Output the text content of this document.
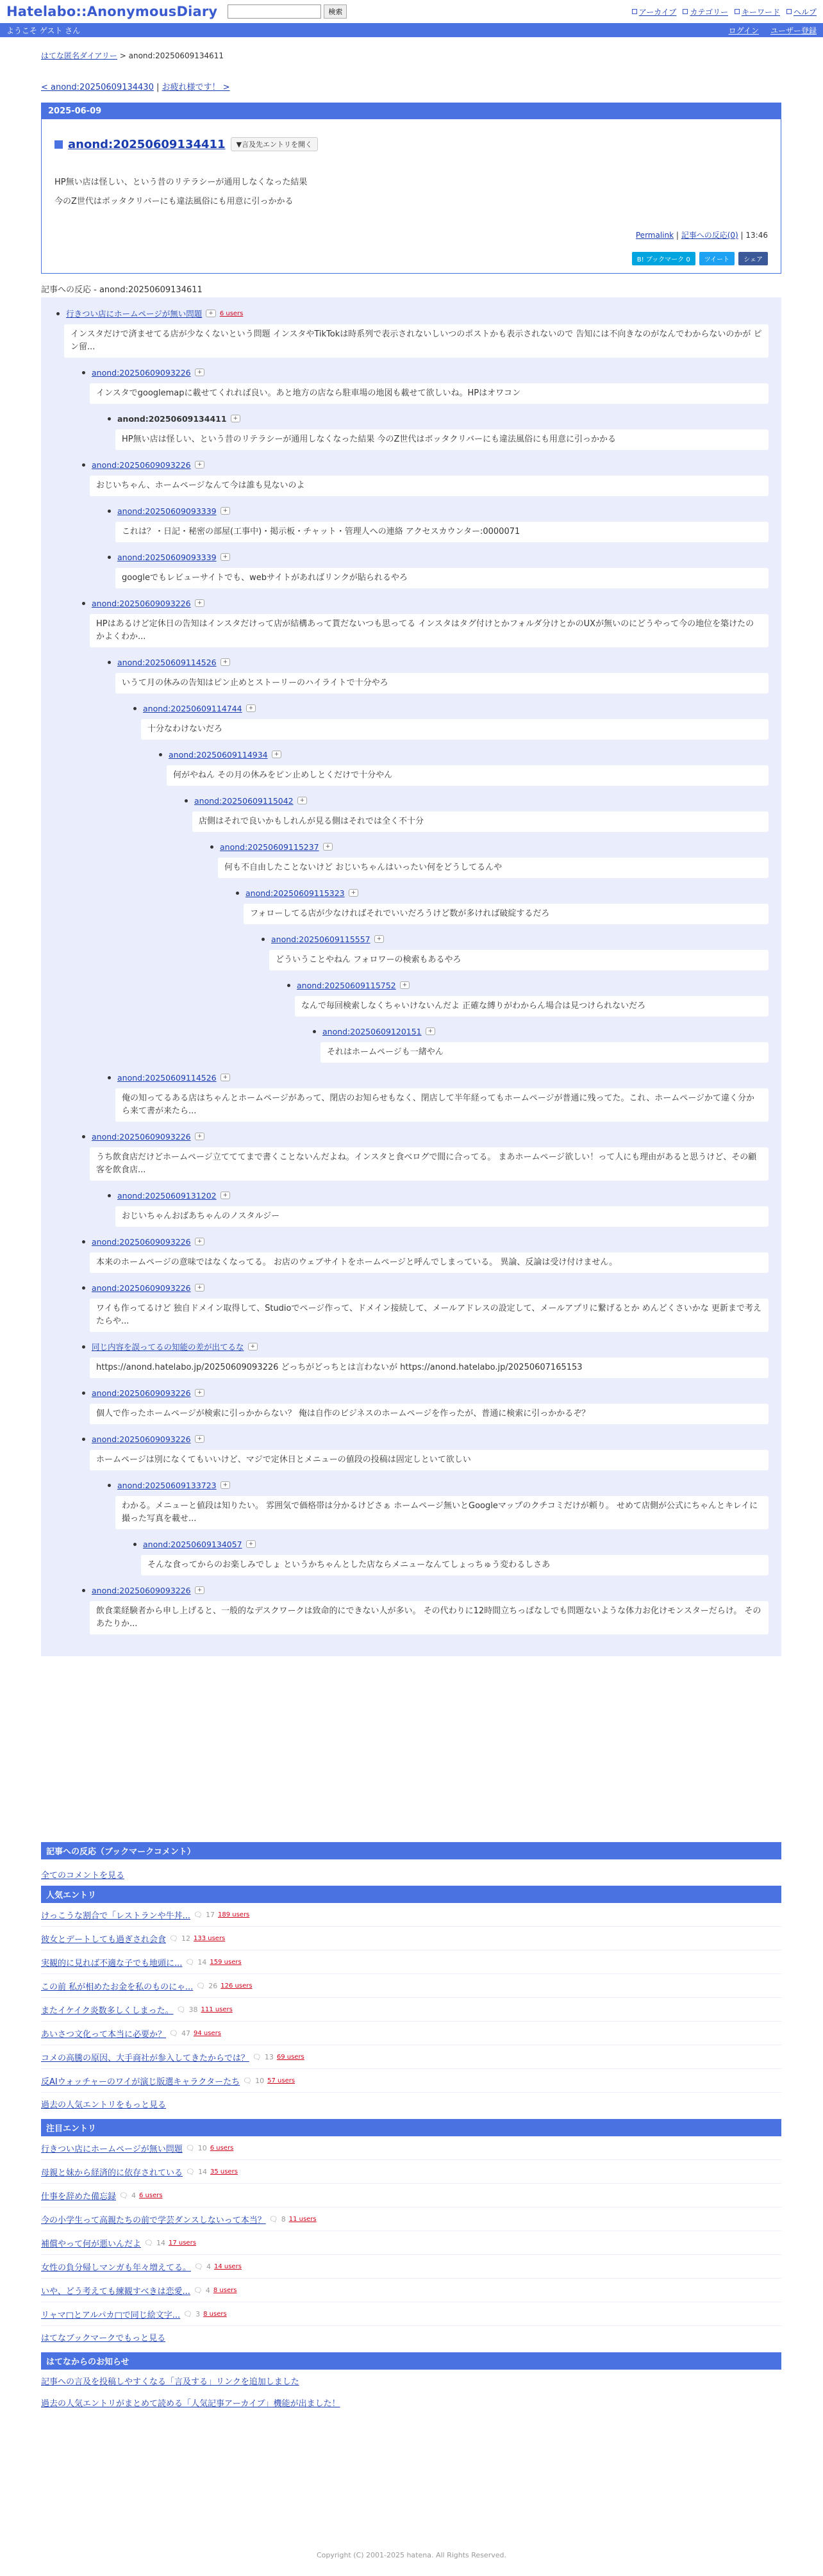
Hatelabo::AnonymousDiary	検索	アーカイブ カテゴリー キーワード ヘルプ
ようこそ ゲスト さん	ログイン ユーザー登録
はてな匿名ダイアリー > anond:20250609134611
< anond:20250609134430 | お疲れ様です！ >
2025-06-09
anond:20250609134411	▼言及先エントリを開く
HP無い店は怪しい、という昔のリテラシーが通用しなくなった結果
今のZ世代はポッタクリバーにも違法風俗にも用意に引っかかる
Permalink | 記事への反応(0) | 13:46
B! ブックマーク 0	ツイート	シェア
記事への反応 - anond:20250609134611
行きつい店にホームページが無い問題	+	6 users
インスタだけで済ませてる店が少なくないという問題 インスタやTikTokは時系列で表示されないしいつのポストかも表示されないので 告知には不向きなのがなんでわからないのかが ピン留...
anond:20250609093226	+
インスタでgooglemapに載せてくれれば良い。あと地方の店なら駐車場の地図も載せて欲しいね。HPはオワコン
anond:20250609134411	+
HP無い店は怪しい、という昔のリテラシーが通用しなくなった結果 今のZ世代はボッタクリバーにも違法風俗にも用意に引っかかる
anond:20250609093226	+
おじいちゃん、ホームページなんて今は誰も見ないのよ
anond:20250609093339	+
これは？・日記・秘密の部屋(工事中)・掲示板・チャット・管理人への連絡 アクセスカウンター:0000071
anond:20250609093339	+
googleでもレビューサイトでも、webサイトがあればリンクが貼られるやろ
anond:20250609093226	+
HPはあるけど定休日の告知はインスタだけって店が結構あって貰だないつも思ってる インスタはタグ付けとかフォルダ分けとかのUXが無いのにどうやって今の地位を築けたのかよくわか...
anond:20250609114526	+
いうて月の休みの告知はピン止めとストーリーのハイライトで十分やろ
anond:20250609114744	+
十分なわけないだろ
anond:20250609114934	+
何がやねん その月の休みをピン止めしとくだけで十分やん
anond:20250609115042	+
店側はそれで良いかもしれんが見る側はそれでは全く不十分
anond:20250609115237	+
何も不自由したことないけど おじいちゃんはいったい何をどうしてるんや
anond:20250609115323	+
フォローしてる店が少なければそれでいいだろうけど数が多ければ破綻するだろ
anond:20250609115557	+
どういうことやねん フォロワーの検索もあるやろ
anond:20250609115752	+
なんで毎回検索しなくちゃいけないんだよ 正確な縛りがわからん場合は見つけられないだろ
anond:20250609120151	+
それはホームページも一緒やん
anond:20250609114526	+
俺の知ってるある店はちゃんとホームページがあって、閉店のお知らせもなく、閉店して半年経ってもホームページが普通に残ってた。これ、ホームページかて違く分から来て書が来たら...
anond:20250609093226	+
うち飲食店だけどホームページ立てててまで書くことないんだよね。インスタと食べログで間に合ってる。 まあホームページ欲しい！って人にも理由があると思うけど、その顧客を飲食店...
anond:20250609131202	+
おじいちゃんおばあちゃんのノスタルジー
anond:20250609093226	+
本来のホームページの意味ではなくなってる。 お店のウェブサイトをホームページと呼んでしまっている。 異論、反論は受け付けません。
anond:20250609093226	+
ワイも作ってるけど 独自ドメイン取得して、Studioでページ作って、ドメイン接続して、メールアドレスの設定して、メールアプリに繋げるとか めんどくさいかな 更新まで考えたらや...
同じ内容を誤ってるの知能の差が出てるな	+
https://anond.hatelabo.jp/20250609093226 どっちがどっちとは言わないが https://anond.hatelabo.jp/20250607165153
anond:20250609093226	+
個人で作ったホームページが検索に引っかからない？ 俺は自作のビジネスのホームページを作ったが、普通に検索に引っかかるぞ？
anond:20250609093226	+
ホームページは別になくてもいいけど、マジで定休日とメニューの値段の投稿は固定しといて欲しい
anond:20250609133723	+
わかる。メニューと値段は知りたい。 雰囲気で価格帯は分かるけどさぁ ホームページ無いとGoogleマップのクチコミだけが頼り。 せめて店側が公式にちゃんとキレイに撮った写真を載せ...
anond:20250609134057	+
そんな食ってからのお楽しみでしょ というかちゃんとした店ならメニューなんてしょっちゅう変わるしさあ
anond:20250609093226	+
飲食業経験者から申し上げると、一般的なデスクワークは致命的にできない人が多い。 その代わりに12時間立ちっぱなしでも問題ないような体力お化けモンスターだらけ。 そのあたりか...
記事への反応（ブックマークコメント）
全てのコメントを見る
人気エントリ
けっこうな割合で「レストランや牛丼... 🗨 17 189 users
彼女とデートしても過ぎされ会食 🗨 12 133 users
実観的に見れば不適な子でも地頭に... 🗨 14 159 users
この前 私が相めたお金を私のものにゃ... 🗨 26 126 users
またイケイク炎数多しくしまった。 🗨 38 111 users
あいさつ文化って本当に必要か？ 🗨 47 94 users
コメの高騰の原因、大手商社が参入してきたからでは？ 🗨 13 69 users
反AIウォッチャーのワイが演じ版選キャラクターたち 🗨 10 57 users
過去の人気エントリをもっと見る
注目エントリ
行きつい店にホームページが無い問題 🗨 10 6 users
母親と妹から経済的に依存されている 🗨 14 35 users
仕事を辞めた備忘録 🗨 4 6 users
今の小学生って高親たちの前で学芸ダンスしないって本当？ 🗨 8 11 users
補償やって何が悪いんだよ 🗨 14 17 users
女性の負分帰しマンガも年々増えてる。 🗨 4 14 users
いや、どう考えても練観すべきは恋愛... 🗨 4 8 users
リャマ□とアルパカ□で同じ絵文字... 🗨 3 8 users
はてなブックマークでもっと見る
はてなからのお知らせ
記事への言及を投稿しやすくなる「言及する」リンクを追加しました
過去の人気エントリがまとめて読める「人気記事アーカイブ」機能が出ました！
Copyright (C) 2001-2025 hatena. All Rights Reserved.
